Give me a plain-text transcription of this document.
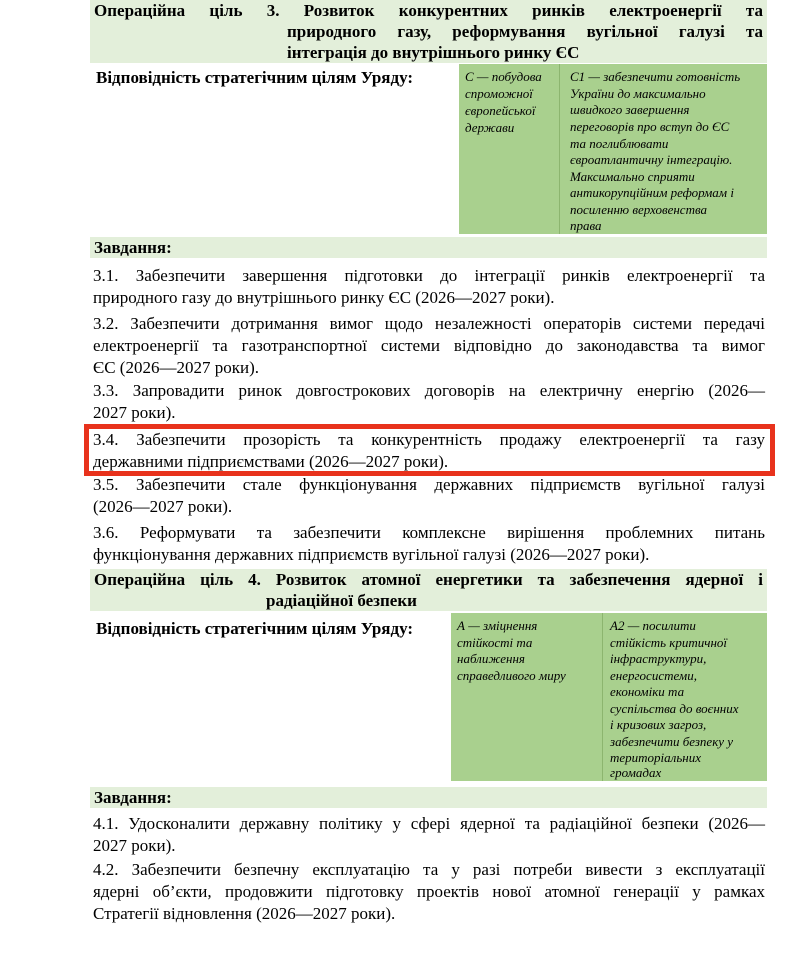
Операційна ціль 3. Розвиток конкурентних ринків електроенергії та
природного газу, реформування вугільної галузі та
інтеграція до внутрішнього ринку ЄС
Відповідність стратегічним цілям Уряду:	С — побудова
спроможної
європейської
держави
С1 — забезпечити готовність
України до максимально
швидкого завершення
переговорів про вступ до ЄС
та поглиблювати
євроатлантичну інтеграцію.
Максимально сприяти
антикорупційним реформам і
посиленню верховенства
права
Завдання:
3.1. Забезпечити завершення підготовки до інтеграції ринків електроенергії та
природного газу до внутрішнього ринку ЄС (2026—2027 роки).
3.2. Забезпечити дотримання вимог щодо незалежності операторів системи передачі
електроенергії та газотранспортної системи відповідно до законодавства та вимог
ЄС (2026—2027 роки).
3.3. Запровадити ринок довгострокових договорів на електричну енергію (2026—
2027 роки).
3.4. Забезпечити прозорість та конкурентність продажу електроенергії та газу
державними підприємствами (2026—2027 роки).
3.5. Забезпечити стале функціонування державних підприємств вугільної галузі
(2026—2027 роки).
3.6. Реформувати та забезпечити комплексне вирішення проблемних питань
функціонування державних підприємств вугільної галузі (2026—2027 роки).
Операційна ціль 4. Розвиток атомної енергетики та забезпечення ядерної і
радіаційної безпеки
Відповідність стратегічним цілям Уряду:	А — зміцнення
стійкості та
наближення
справедливого миру
А2 — посилити
стійкість критичної
інфраструктури,
енергосистеми,
економіки та
суспільства до воєнних
і кризових загроз,
забезпечити безпеку у
територіальних
громадах
Завдання:
4.1. Удосконалити державну політику у сфері ядерної та радіаційної безпеки (2026—
2027 роки).
4.2. Забезпечити безпечну експлуатацію та у разі потреби вивести з експлуатації
ядерні об’єкти, продовжити підготовку проектів нової атомної генерації у рамках
Стратегії відновлення (2026—2027 роки).
